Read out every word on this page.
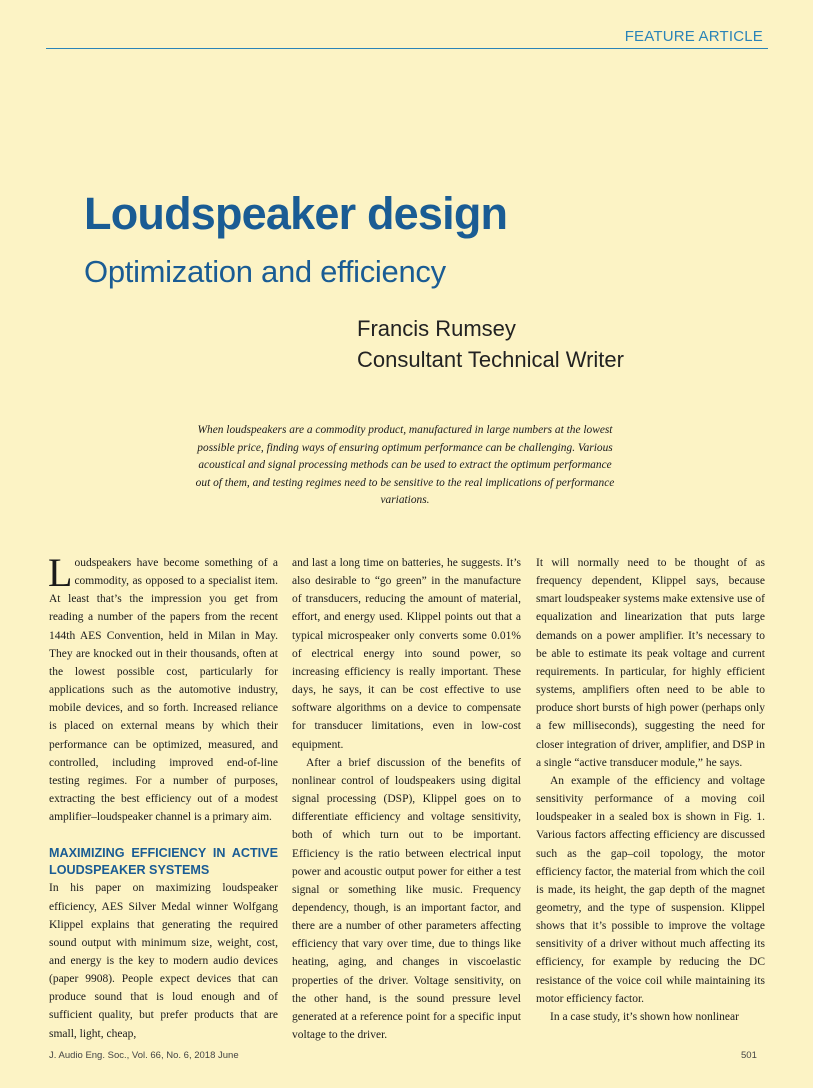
FEATURE ARTICLE
Loudspeaker design
Optimization and efficiency
Francis Rumsey
Consultant Technical Writer

When loudspeakers are a commodity product, manufactured in large numbers at the lowest possible price, finding ways of ensuring optimum performance can be challenging. Various acoustical and signal processing methods can be used to extract the optimum performance out of them, and testing regimes need to be sensitive to the real implications of performance variations.

Loudspeakers have become something of a commodity, as opposed to a specialist item. At least that’s the impression you get from reading a number of the papers from the recent 144th AES Convention, held in Milan in May. They are knocked out in their thousands, often at the lowest possible cost, particularly for applications such as the automotive industry, mobile devices, and so forth. Increased reliance is placed on external means by which their performance can be optimized, measured, and controlled, including improved end-of-line testing regimes. For a number of purposes, extracting the best efficiency out of a modest amplifier–loudspeaker channel is a primary aim.

MAXIMIZING EFFICIENCY IN ACTIVE LOUDSPEAKER SYSTEMS

In his paper on maximizing loudspeaker efficiency, AES Silver Medal winner Wolfgang Klippel explains that generating the required sound output with minimum size, weight, cost, and energy is the key to modern audio devices (paper 9908). People expect devices that can produce sound that is loud enough and of sufficient quality, but prefer products that are small, light, cheap,

and last a long time on batteries, he suggests. It’s also desirable to “go green” in the manufacture of transducers, reducing the amount of material, effort, and energy used. Klippel points out that a typical microspeaker only converts some 0.01% of electrical energy into sound power, so increasing efficiency is really important. These days, he says, it can be cost effective to use software algorithms on a device to compensate for transducer limitations, even in low-cost equipment.

After a brief discussion of the benefits of nonlinear control of loudspeakers using digital signal processing (DSP), Klippel goes on to differentiate efficiency and voltage sensitivity, both of which turn out to be important. Efficiency is the ratio between electrical input power and acoustic output power for either a test signal or something like music. Frequency dependency, though, is an important factor, and there are a number of other parameters affecting efficiency that vary over time, due to things like heating, aging, and changes in viscoelastic properties of the driver. Voltage sensitivity, on the other hand, is the sound pressure level generated at a reference point for a specific input voltage to the driver.

It will normally need to be thought of as frequency dependent, Klippel says, because smart loudspeaker systems make extensive use of equalization and linearization that puts large demands on a power amplifier. It’s necessary to be able to estimate its peak voltage and current requirements. In particular, for highly efficient systems, amplifiers often need to be able to produce short bursts of high power (perhaps only a few milliseconds), suggesting the need for closer integration of driver, amplifier, and DSP in a single “active transducer module,” he says.

An example of the efficiency and voltage sensitivity performance of a moving coil loudspeaker in a sealed box is shown in Fig. 1. Various factors affecting efficiency are discussed such as the gap–coil topology, the motor efficiency factor, the material from which the coil is made, its height, the gap depth of the magnet geometry, and the type of suspension. Klippel shows that it’s possible to improve the voltage sensitivity of a driver without much affecting its efficiency, for example by reducing the DC resistance of the voice coil while maintaining its motor efficiency factor.

In a case study, it’s shown how nonlinear

J. Audio Eng. Soc., Vol. 66, No. 6, 2018 June	501
